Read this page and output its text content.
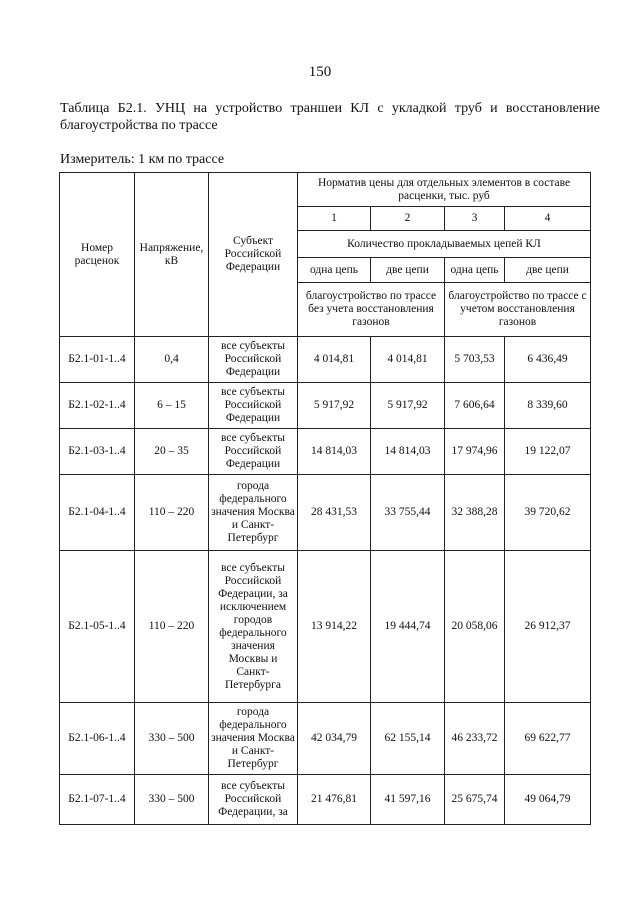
150
Таблица Б2.1. УНЦ на устройство траншеи КЛ с укладкой труб и восстановление благоустройства по трассе
Измеритель: 1 км по трассе
Номер расценок	Напряжение, кВ	Субъект Российской Федерации	Норматив цены для отдельных элементов в составе расценки, тыс. руб			
			1	2	3	4
			Количество прокладываемых цепей КЛ			
			одна цепь	две цепи	одна цепь	две цепи
			благоустройство по трассе без учета восстановления газонов		благоустройство по трассе с учетом восстановления газонов	
Б2.1-01-1..4	0,4	все субъекты Российской Федерации	4 014,81	4 014,81	5 703,53	6 436,49
Б2.1-02-1..4	6 – 15	все субъекты Российской Федерации	5 917,92	5 917,92	7 606,64	8 339,60
Б2.1-03-1..4	20 – 35	все субъекты Российской Федерации	14 814,03	14 814,03	17 974,96	19 122,07
Б2.1-04-1..4	110 – 220	города федерального значения Москва и Санкт-Петербург	28 431,53	33 755,44	32 388,28	39 720,62
Б2.1-05-1..4	110 – 220	все субъекты Российской Федерации, за исключением городов федерального значения Москвы и Санкт-Петербурга	13 914,22	19 444,74	20 058,06	26 912,37
Б2.1-06-1..4	330 – 500	города федерального значения Москва и Санкт-Петербург	42 034,79	62 155,14	46 233,72	69 622,77
Б2.1-07-1..4	330 – 500	все субъекты Российской Федерации, за	21 476,81	41 597,16	25 675,74	49 064,79
